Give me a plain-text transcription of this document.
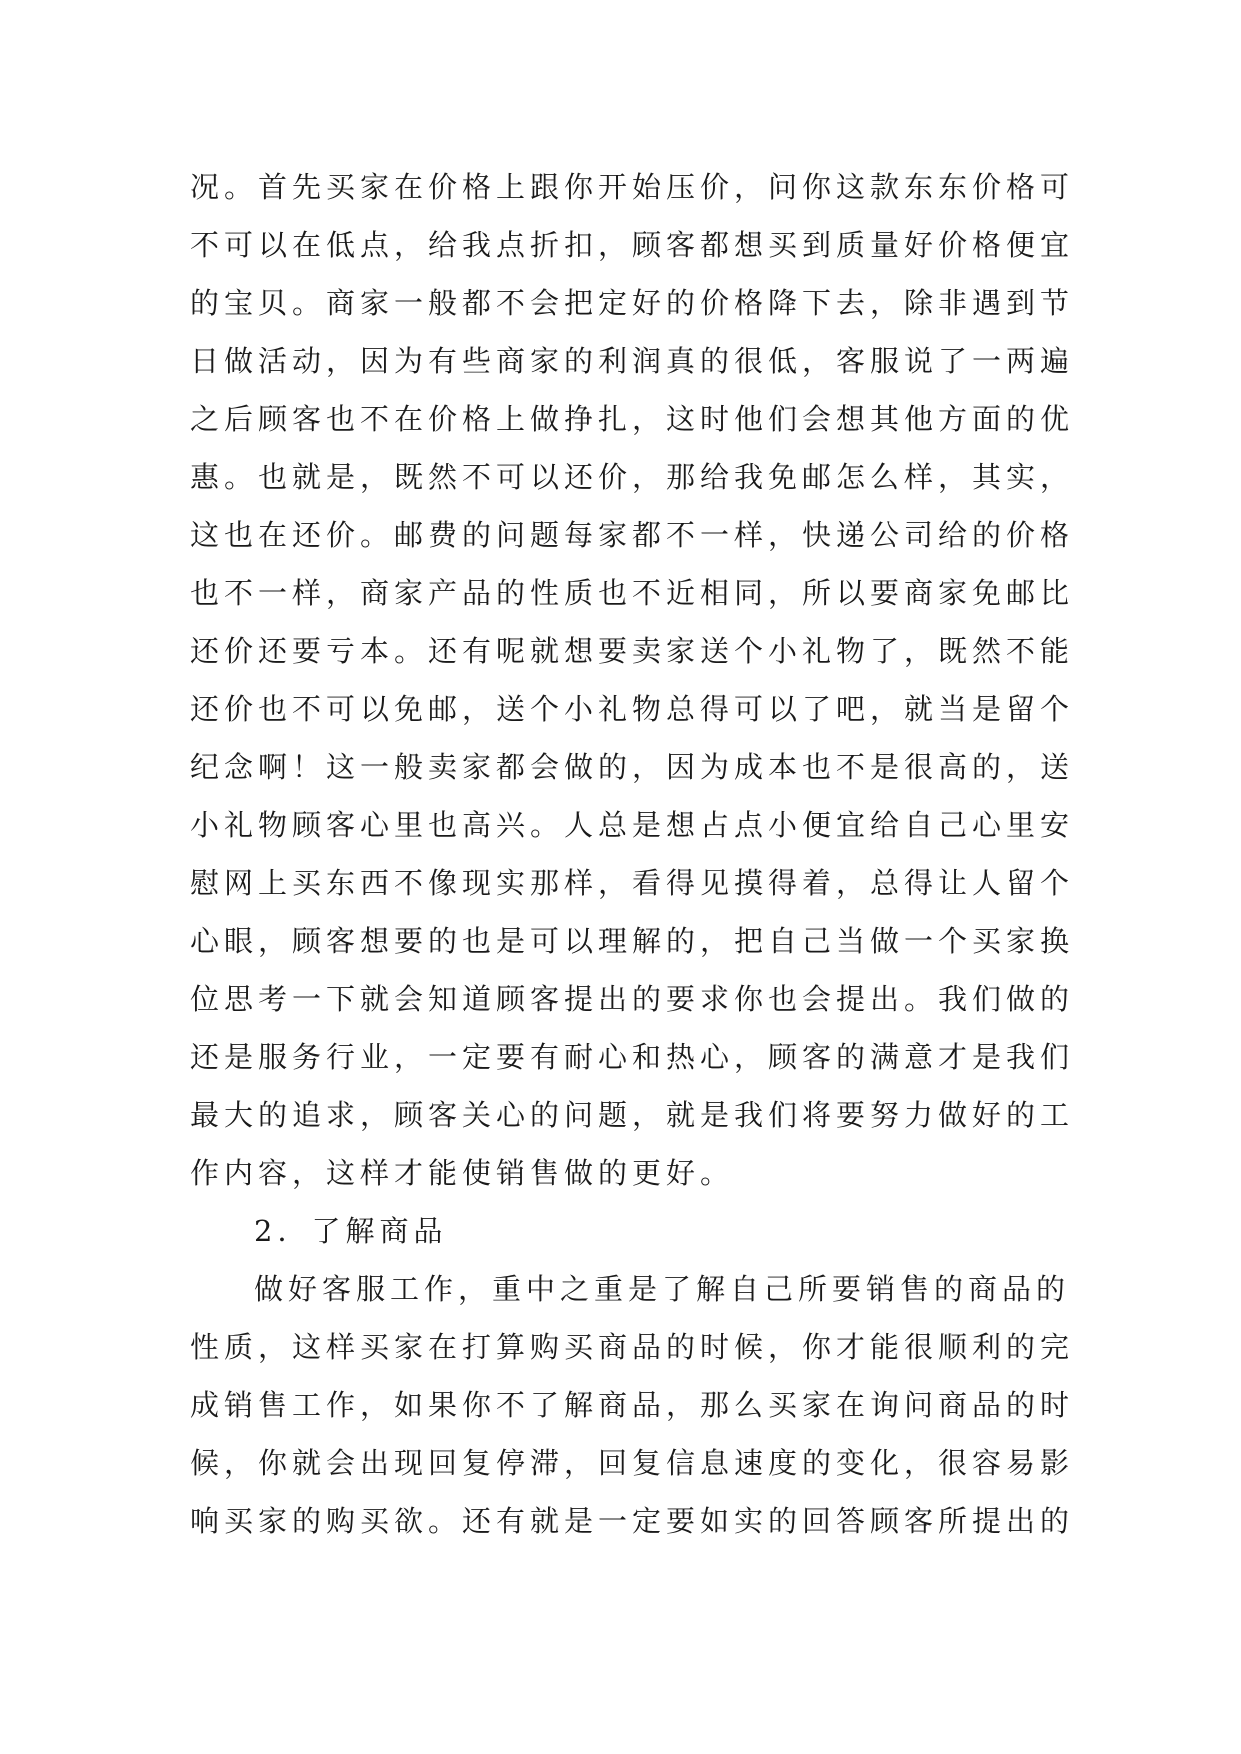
况。首先买家在价格上跟你开始压价，问你这款东东价格可
不可以在低点，给我点折扣，顾客都想买到质量好价格便宜
的宝贝。商家一般都不会把定好的价格降下去，除非遇到节
日做活动，因为有些商家的利润真的很低，客服说了一两遍
之后顾客也不在价格上做挣扎，这时他们会想其他方面的优
惠。也就是，既然不可以还价，那给我免邮怎么样，其实，
这也在还价。邮费的问题每家都不一样，快递公司给的价格
也不一样，商家产品的性质也不近相同，所以要商家免邮比
还价还要亏本。还有呢就想要卖家送个小礼物了，既然不能
还价也不可以免邮，送个小礼物总得可以了吧，就当是留个
纪念啊！这一般卖家都会做的，因为成本也不是很高的，送
小礼物顾客心里也高兴。人总是想占点小便宜给自己心里安
慰网上买东西不像现实那样，看得见摸得着，总得让人留个
心眼，顾客想要的也是可以理解的，把自己当做一个买家换
位思考一下就会知道顾客提出的要求你也会提出。我们做的
还是服务行业，一定要有耐心和热心，顾客的满意才是我们
最大的追求，顾客关心的问题，就是我们将要努力做好的工
作内容，这样才能使销售做的更好。
2．了解商品
做好客服工作，重中之重是了解自己所要销售的商品的
性质，这样买家在打算购买商品的时候，你才能很顺利的完
成销售工作，如果你不了解商品，那么买家在询问商品的时
候，你就会出现回复停滞，回复信息速度的变化，很容易影
响买家的购买欲。还有就是一定要如实的回答顾客所提出的
